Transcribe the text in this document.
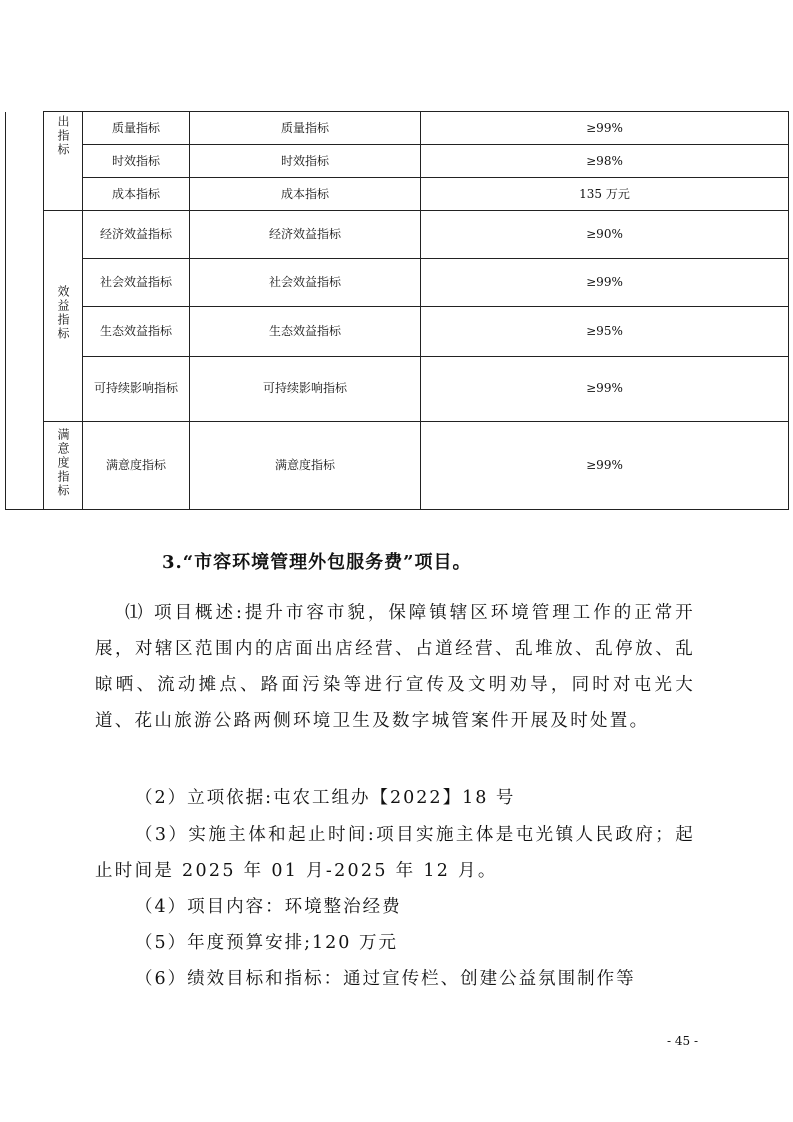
	出指标	质量指标	质量指标	≥99%
		时效指标	时效指标	≥98%
		成本指标	成本指标	135 万元
	效益指标	经济效益指标	经济效益指标	≥90%
		社会效益指标	社会效益指标	≥99%
		生态效益指标	生态效益指标	≥95%
		可持续影响指标	可持续影响指标	≥99%
	满意度指标	满意度指标	满意度指标	≥99%
3.“市容环境管理外包服务费”项目。
⑴ 项目概述:提升市容市貌，保障镇辖区环境管理工作的正常开展，对辖区范围内的店面出店经营、占道经营、乱堆放、乱停放、乱晾晒、流动摊点、路面污染等进行宣传及文明劝导，同时对屯光大道、花山旅游公路两侧环境卫生及数字城管案件开展及时处置。
（2）立项依据:屯农工组办【2022】18 号
（3）实施主体和起止时间:项目实施主体是屯光镇人民政府；起止时间是 2025 年 01 月-2025 年 12 月。
（4）项目内容：环境整治经费
（5）年度预算安排;120 万元
（6）绩效目标和指标：通过宣传栏、创建公益氛围制作等
- 45 -
